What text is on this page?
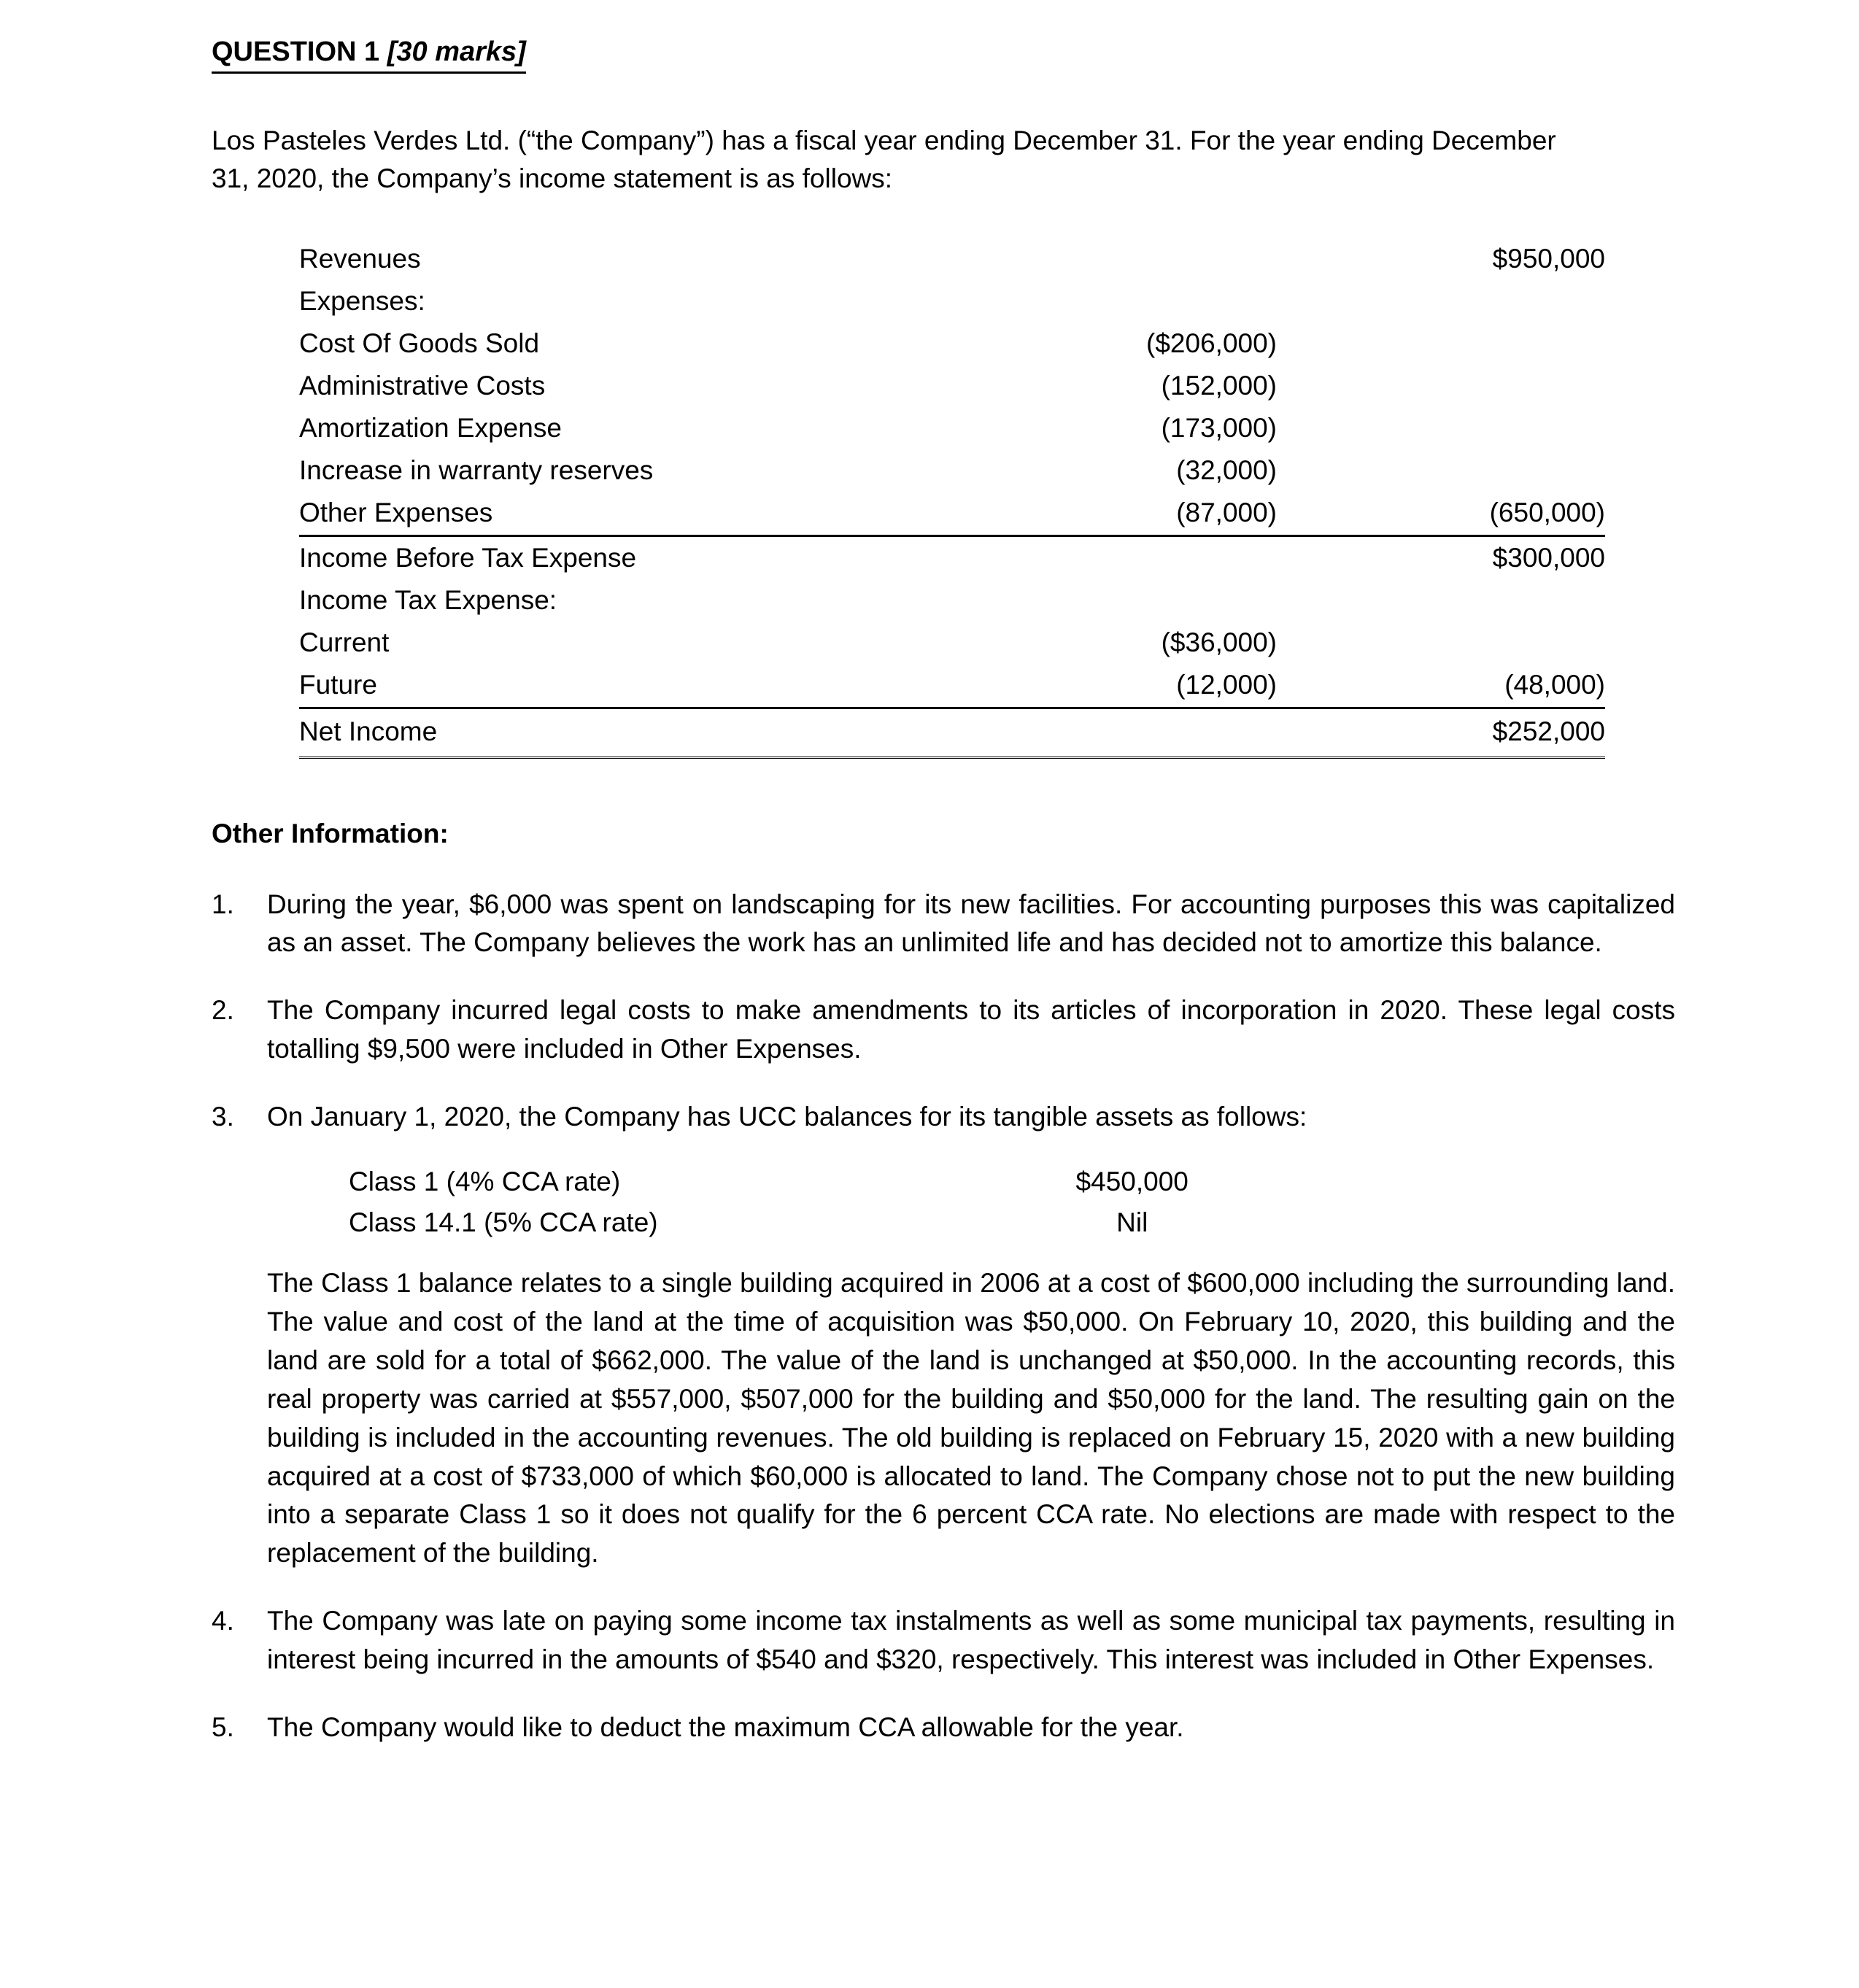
QUESTION 1 [30 marks]

Los Pasteles Verdes Ltd. (“the Company”) has a fiscal year ending December 31. For the year ending December 31, 2020, the Company’s income statement is as follows:

Revenues		$950,000
Expenses:		
Cost Of Goods Sold	($206,000)	
Administrative Costs	(152,000)	
Amortization Expense	(173,000)	
Increase in warranty reserves	(32,000)	
Other Expenses	(87,000)	(650,000)
Income Before Tax Expense		$300,000
Income Tax Expense:		
Current	($36,000)	
Future	(12,000)	(48,000)
Net Income		$252,000
Other Information:

During the year, $6,000 was spent on landscaping for its new facilities. For accounting purposes this was capitalized as an asset. The Company believes the work has an unlimited life and has decided not to amortize this balance.

The Company incurred legal costs to make amendments to its articles of incorporation in 2020. These legal costs totalling $9,500 were included in Other Expenses.

On January 1, 2020, the Company has UCC balances for its tangible assets as follows:

Class 1 (4% CCA rate)	$450,000
Class 14.1 (5% CCA rate)	Nil

The Class 1 balance relates to a single building acquired in 2006 at a cost of $600,000 including the surrounding land. The value and cost of the land at the time of acquisition was $50,000. On February 10, 2020, this building and the land are sold for a total of $662,000. The value of the land is unchanged at $50,000. In the accounting records, this real property was carried at $557,000, $507,000 for the building and $50,000 for the land. The resulting gain on the building is included in the accounting revenues. The old building is replaced on February 15, 2020 with a new building acquired at a cost of $733,000 of which $60,000 is allocated to land. The Company chose not to put the new building into a separate Class 1 so it does not qualify for the 6 percent CCA rate. No elections are made with respect to the replacement of the building.

The Company was late on paying some income tax instalments as well as some municipal tax payments, resulting in interest being incurred in the amounts of $540 and $320, respectively. This interest was included in Other Expenses.

The Company would like to deduct the maximum CCA allowable for the year.
